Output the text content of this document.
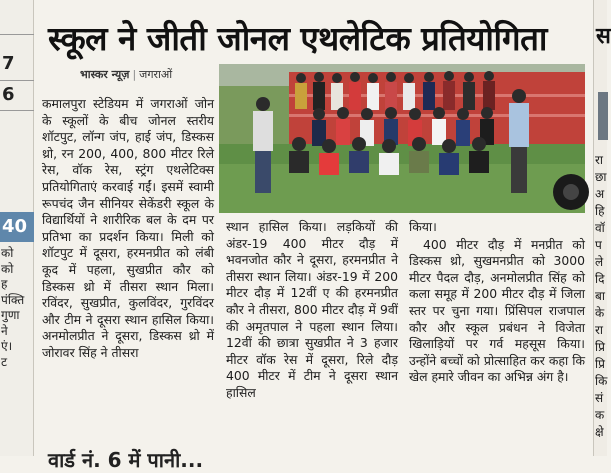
7
6
40
को
को
ह
पंक्ति
गुणा
ने
एं।
ट
स
रा
छा
अ
हि
वॉ
प
ले
दि
बा
के
रा
प्रि
प्रि
कि
सं
क
क्षे
स्कूल ने जीती जोनल एथलेटिक प्रतियोगिता
भास्कर न्यूज़ | जगराओं
कमालपुरा स्टेडियम में जगराओं जोन के स्कूलों के बीच जोनल स्तरीय शॉटपुट, लॉन्ग जंप, हाई जंप, डिस्कस थ्रो, रन 200, 400, 800 मीटर रिले रेस, वॉक रेस, स्ट्रंग एथलेटिक्स प्रतियोगिताएं करवाई गईं। इसमें स्वामी रूपचंद जैन सीनियर सेकेंडरी स्कूल के विद्यार्थियों ने शारीरिक बल के दम पर प्रतिभा का प्रदर्शन किया। मिली को शॉटपुट में दूसरा, हरमनप्रीत को लंबी कूद में पहला, सुखप्रीत कौर को डिस्कस थ्रो में तीसरा स्थान मिला। रविंदर, सुखप्रीत, कुलविंदर, गुरविंदर और टीम ने दूसरा स्थान हासिल किया। अनमोलप्रीत ने दूसरा, डिस्कस थ्रो में जोरावर सिंह ने तीसरा
स्थान हासिल किया। लड़कियों की अंडर-19 400 मीटर दौड़ में भवनजोत कौर ने दूसरा, हरमनप्रीत ने तीसरा स्थान लिया। अंडर-19 में 200 मीटर दौड़ में 12वीं ए की हरमनप्रीत कौर ने तीसरा, 800 मीटर दौड़ में 9वीं की अमृतपाल ने पहला स्थान लिया। 12वीं की छात्रा सुखप्रीत ने 3 हजार मीटर वॉक रेस में दूसरा, रिले दौड़ 400 मीटर में टीम ने दूसरा स्थान हासिल

किया।

400 मीटर दौड़ में मनप्रीत को डिस्कस थ्रो, सुखमनप्रीत को 3000 मीटर पैदल दौड़, अनमोलप्रीत सिंह को कला समूह में 200 मीटर दौड़ में जिला स्तर पर चुना गया। प्रिंसिपल राजपाल कौर और स्कूल प्रबंधन ने विजेता खिलाड़ियों पर गर्व महसूस किया। उन्होंने बच्चों को प्रोत्साहित कर कहा कि खेल हमारे जीवन का अभिन्न अंग है।

वार्ड नं. 6 में पानी...
